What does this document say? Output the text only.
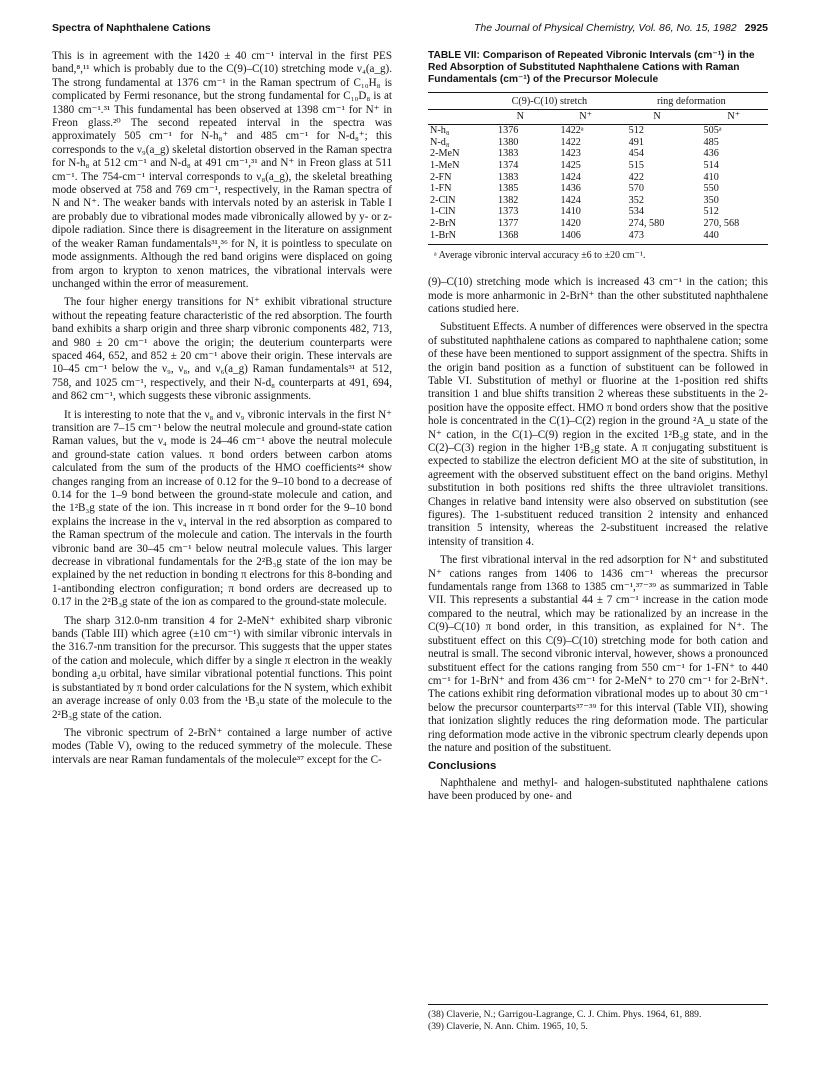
Spectra of Naphthalene Cations	The Journal of Physical Chemistry, Vol. 86, No. 15, 1982 2925

This is in agreement with the 1420 ± 40 cm⁻¹ interval in the first PES band,⁸,¹¹ which is probably due to the C(9)–C(10) stretching mode ν₄(a_g). The strong fundamental at 1376 cm⁻¹ in the Raman spectrum of C₁₀H₈ is complicated by Fermi resonance, but the strong fundamental for C₁₀D₈ is at 1380 cm⁻¹.³¹ This fundamental has been observed at 1398 cm⁻¹ for N⁺ in Freon glass.²⁰ The second repeated interval in the spectra was approximately 505 cm⁻¹ for N-h₈⁺ and 485 cm⁻¹ for N-d₈⁺; this corresponds to the ν₉(a_g) skeletal distortion observed in the Raman spectra for N-h₈ at 512 cm⁻¹ and N-d₈ at 491 cm⁻¹,³¹ and N⁺ in Freon glass at 511 cm⁻¹. The 754-cm⁻¹ interval corresponds to ν₈(a_g), the skeletal breathing mode observed at 758 and 769 cm⁻¹, respectively, in the Raman spectra of N and N⁺. The weaker bands with intervals noted by an asterisk in Table I are probably due to vibrational modes made vibronically allowed by y- or z-dipole radiation. Since there is disagreement in the literature on assignment of the weaker Raman fundamentals³¹,³⁶ for N, it is pointless to speculate on mode assignments. Although the red band origins were displaced on going from argon to krypton to xenon matrices, the vibrational intervals were unchanged within the error of measurement.

The four higher energy transitions for N⁺ exhibit vibrational structure without the repeating feature characteristic of the red absorption. The fourth band exhibits a sharp origin and three sharp vibronic components 482, 713, and 980 ± 20 cm⁻¹ above the origin; the deuterium counterparts were spaced 464, 652, and 852 ± 20 cm⁻¹ above their origin. These intervals are 10–45 cm⁻¹ below the ν₉, ν₈, and ν₆(a_g) Raman fundamentals³¹ at 512, 758, and 1025 cm⁻¹, respectively, and their N-d₈ counterparts at 491, 694, and 862 cm⁻¹, which suggests these vibronic assignments.

It is interesting to note that the ν₈ and ν₉ vibronic intervals in the first N⁺ transition are 7–15 cm⁻¹ below the neutral molecule and ground-state cation Raman values, but the ν₄ mode is 24–46 cm⁻¹ above the neutral molecule and ground-state cation values. π bond orders between carbon atoms calculated from the sum of the products of the HMO coefficients²⁴ show changes ranging from an increase of 0.12 for the 9–10 bond to a decrease of 0.14 for the 1–9 bond between the ground-state molecule and cation, and the 1²B₃g state of the ion. This increase in π bond order for the 9–10 bond explains the increase in the ν₄ interval in the red absorption as compared to the Raman spectrum of the molecule and cation. The intervals in the fourth vibronic band are 30–45 cm⁻¹ below neutral molecule values. This larger decrease in vibrational fundamentals for the 2²B₃g state of the ion may be explained by the net reduction in bonding π electrons for this 8-bonding and 1-antibonding electron configuration; π bond orders are decreased up to 0.17 in the 2²B₃g state of the ion as compared to the ground-state molecule.

The sharp 312.0-nm transition 4 for 2-MeN⁺ exhibited sharp vibronic bands (Table III) which agree (±10 cm⁻¹) with similar vibronic intervals in the 316.7-nm transition for the precursor. This suggests that the upper states of the cation and molecule, which differ by a single π electron in the weakly bonding a₂u orbital, have similar vibrational potential functions. This point is substantiated by π bond order calculations for the N system, which exhibit an average increase of only 0.03 from the ¹B₃u state of the molecule to the 2²B₃g state of the cation.

The vibronic spectrum of 2-BrN⁺ contained a large number of active modes (Table V), owing to the reduced symmetry of the molecule. These intervals are near Raman fundamentals of the molecule³⁷ except for the C-

TABLE VII: Comparison of Repeated Vibronic Intervals (cm⁻¹) in the Red Absorption of Substituted Naphthalene Cations with Raman Fundamentals (cm⁻¹) of the Precursor Molecule
	C(9)-C(10) stretch		ring deformation	
	N	N⁺	N	N⁺
N-h₈	1376	1422ᵃ	512	505ᵃ
N-d₈	1380	1422	491	485
2-MeN	1383	1423	454	436
1-MeN	1374	1425	515	514
2-FN	1383	1424	422	410
1-FN	1385	1436	570	550
2-ClN	1382	1424	352	350
1-ClN	1373	1410	534	512
2-BrN	1377	1420	274, 580	270, 568
1-BrN	1368	1406	473	440
ᵃ Average vibronic interval accuracy ±6 to ±20 cm⁻¹.

(9)–C(10) stretching mode which is increased 43 cm⁻¹ in the cation; this mode is more anharmonic in 2-BrN⁺ than the other substituted naphthalene cations studied here.

Substituent Effects. A number of differences were observed in the spectra of substituted naphthalene cations as compared to naphthalene cation; some of these have been mentioned to support assignment of the spectra. Shifts in the origin band position as a function of substituent can be followed in Table VI. Substitution of methyl or fluorine at the 1-position red shifts transition 1 and blue shifts transition 2 whereas these substituents in the 2-position have the opposite effect. HMO π bond orders show that the positive hole is concentrated in the C(1)–C(2) region in the ground ²A_u state of the N⁺ cation, in the C(1)–C(9) region in the excited 1²B₃g state, and in the C(2)–C(3) region in the higher 1²B₂g state. A π conjugating substituent is expected to stabilize the electron deficient MO at the site of substitution, in agreement with the observed substituent effect on the band origins. Methyl substitution in both positions red shifts the three ultraviolet transitions. Changes in relative band intensity were also observed on substitution (see figures). The 1-substituent reduced transition 2 intensity and enhanced transition 5 intensity, whereas the 2-substituent increased the relative intensity of transition 4.

The first vibrational interval in the red adsorption for N⁺ and substituted N⁺ cations ranges from 1406 to 1436 cm⁻¹ whereas the precursor fundamentals range from 1368 to 1385 cm⁻¹,³⁷⁻³⁹ as summarized in Table VII. This represents a substantial 44 ± 7 cm⁻¹ increase in the cation mode compared to the neutral, which may be rationalized by an increase in the C(9)–C(10) π bond order, in this transition, as explained for N⁺. The substituent effect on this C(9)–C(10) stretching mode for both cation and neutral is small. The second vibronic interval, however, shows a pronounced substituent effect for the cations ranging from 550 cm⁻¹ for 1-FN⁺ to 440 cm⁻¹ for 1-BrN⁺ and from 436 cm⁻¹ for 2-MeN⁺ to 270 cm⁻¹ for 2-BrN⁺. The cations exhibit ring deformation vibrational modes up to about 30 cm⁻¹ below the precursor counterparts³⁷⁻³⁹ for this interval (Table VII), showing that ionization slightly reduces the ring deformation mode. The particular ring deformation mode active in the vibronic spectrum clearly depends upon the nature and position of the substituent.

Conclusions

Naphthalene and methyl- and halogen-substituted naphthalene cations have been produced by one- and

(38) Claverie, N.; Garrigou-Lagrange, C. J. Chim. Phys. 1964, 61, 889.
(39) Claverie, N. Ann. Chim. 1965, 10, 5.
